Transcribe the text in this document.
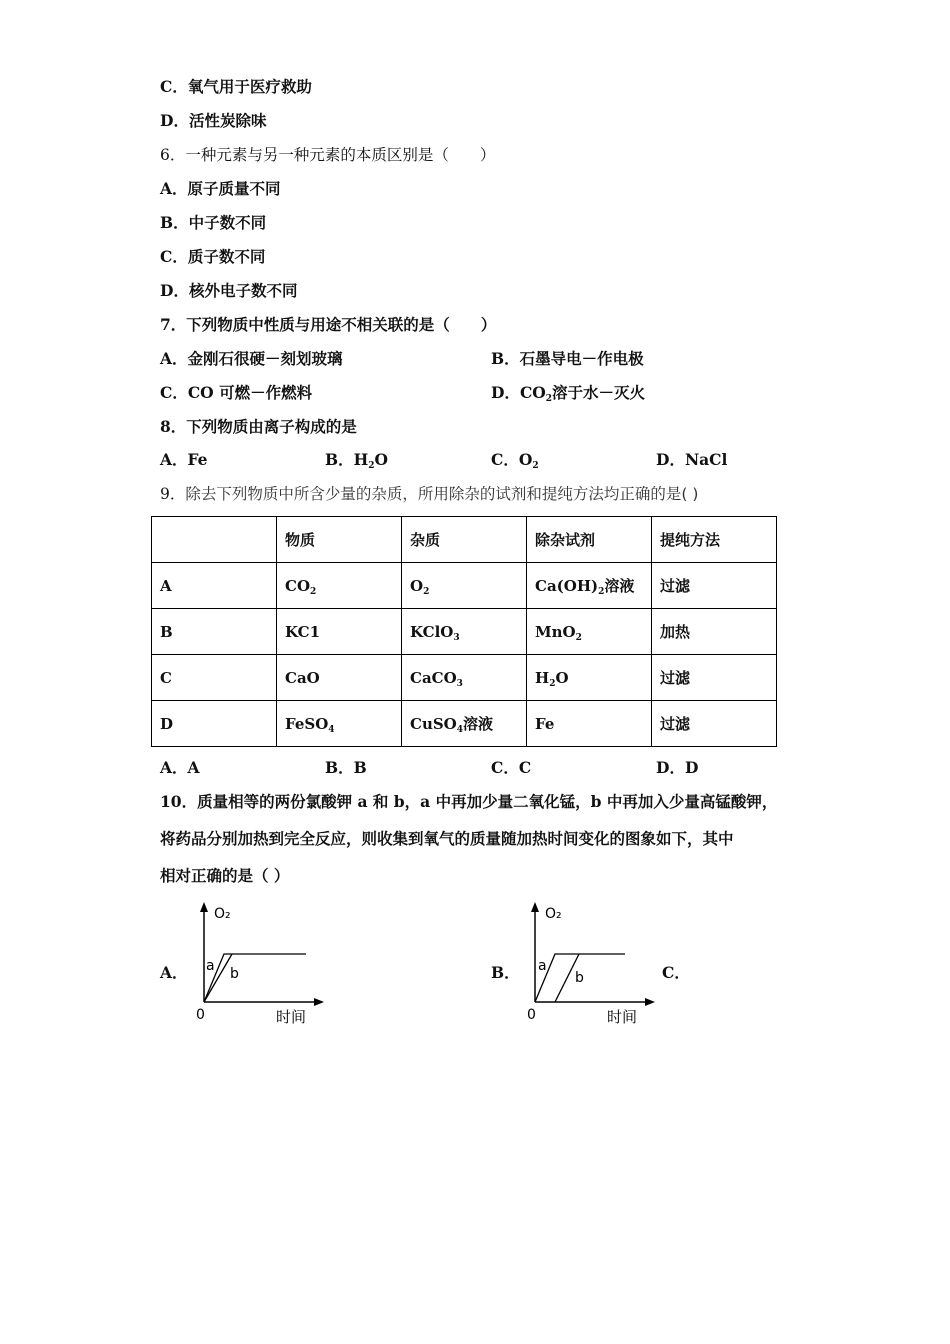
C．氧气用于医疗救助
D．活性炭除味
6．一种元素与另一种元素的本质区别是（　　）
A．原子质量不同
B．中子数不同
C．质子数不同
D．核外电子数不同
7．下列物质中性质与用途不相关联的是（　　）
A．金刚石很硬－刻划玻璃	B．石墨导电－作电极
C．CO 可燃－作燃料	D．$CO_2$溶于水－灭火
8．下列物质由离子构成的是
A．Fe	B．$H_2O$	C．$O_2$	D．NaCl
9．除去下列物质中所含少量的杂质，所用除杂的试剂和提纯方法均正确的是( )
	物质	杂质	除杂试剂	提纯方法
A	$CO_2$	$O_2$	$Ca(OH)_2$溶液	过滤
B	KC1	KClO$_3$	MnO$_2$	加热
C	CaO	CaCO$_3$	$H_2O$	过滤
D	FeSO$_4$	CuSO$_4$溶液	Fe	过滤
A．A	B．B	C．C	D．D
10．质量相等的两份氯酸钾 a 和 b，a 中再加少量二氧化锰，b 中再加入少量高锰酸钾，
将药品分别加热到完全反应，则收集到氧气的质量随加热时间变化的图象如下，其中
相对正确的是（ ）
A．
O₂
a b
0	时间
B．
O₂
a
b
0	时间
C．
